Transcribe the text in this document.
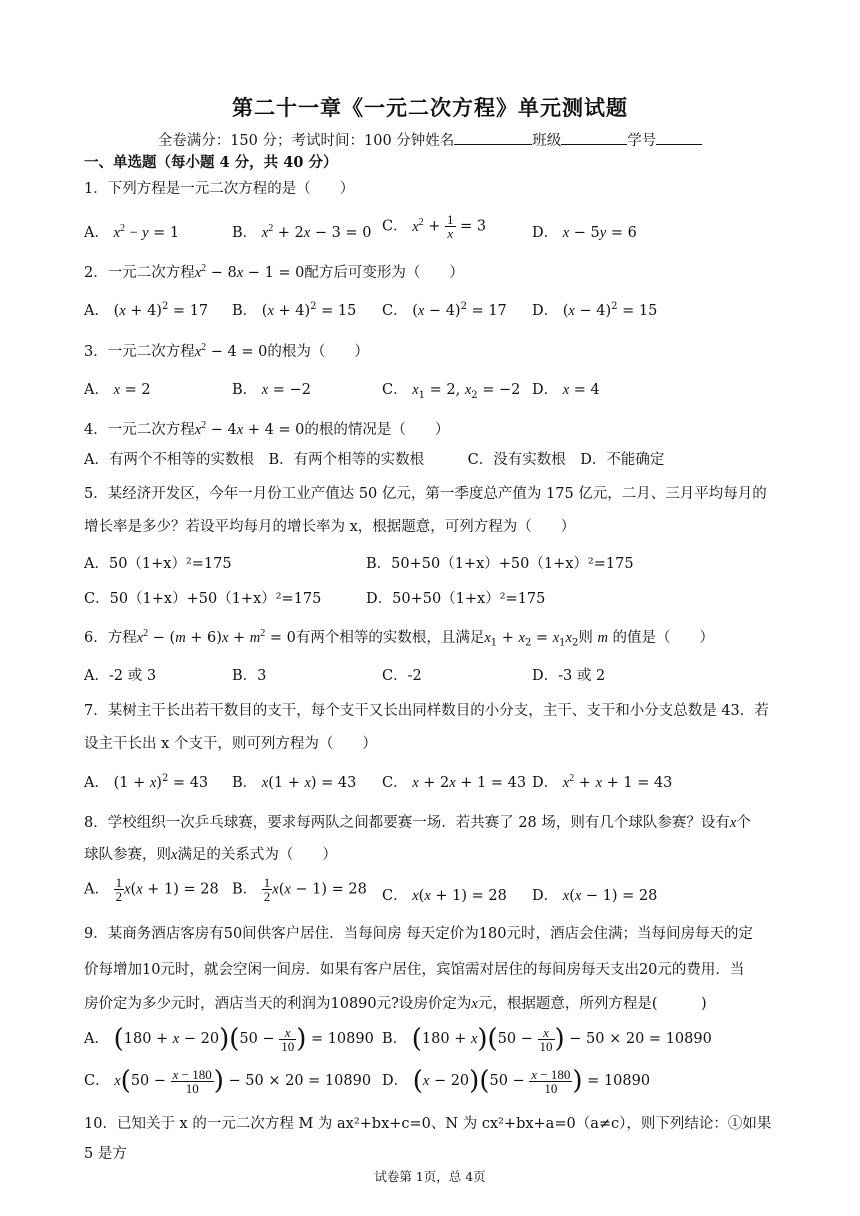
第二十一章《一元二次方程》单元测试题
全卷满分：150 分；考试时间：100 分钟姓名	班级	学号
一、单选题（每小题 4 分，共 40 分）
1．下列方程是一元二次方程的是（　　）
A． $x^2 - y = 1$	B． $x^2 + 2x - 3 = 0$ C． $x^2 + \frac{1}{x} = 3$	D． x − 5y = 6
2．一元二次方程$x^2 - 8x - 1 = 0$配方后可变形为（　　）
A． $(x + 4)^2 = 17$ B． $(x + 4)^2 = 15$ C． $(x - 4)^2 = 17$ D． $(x - 4)^2 = 15$
3．一元二次方程$x^2 - 4 = 0$的根为（　　）
A． x = 2	B． x = −2	C． $x_1 = 2$, $x_2 = -2$ D． x = 4
4．一元二次方程$x^2 - 4x + 4 = 0$的根的情况是（　　）
A．有两个不相等的实数根　B．有两个相等的实数根　　　C．没有实数根　D．不能确定
5．某经济开发区，今年一月份工业产值达 50 亿元，第一季度总产值为 175 亿元，二月、三月平均每月的
增长率是多少？若设平均每月的增长率为 x，根据题意，可列方程为（　　）
A．50（1+x）²=175	B．50+50（1+x）+50（1+x）²=175
C．50（1+x）+50（1+x）²=175	D．50+50（1+x）²=175
6．方程$x^2 - (m + 6)x + m^2 = 0$有两个相等的实数根，且满足$x_1 + x_2 = x_1x_2$则 m 的值是（　　）
A．-2 或 3	B．3	C．-2	D．-3 或 2
7．某树主干长出若干数目的支干，每个支干又长出同样数目的小分支，主干、支干和小分支总数是 43．若
设主干长出 x 个支干，则可列方程为（　　）
A． $(1 + x)^2 = 43$ B． x(1 + x) = 43 C． x + 2x + 1 = 43 D． $x^2 + x + 1 = 43$
8．学校组织一次乒乓球赛，要求每两队之间都要赛一场．若共赛了 28 场，则有几个球队参赛？设有x个
球队参赛，则x满足的关系式为（　　）
A． $\frac{1}{2} x(x + 1) = 28$ B． $\frac{1}{2} x(x - 1) = 28$ C． x(x + 1) = 28 D． x(x − 1) = 28
9．某商务酒店客房有50间供客户居住．当每间房 每天定价为180元时，酒店会住满；当每间房每天的定
价每增加10元时，就会空闲一间房．如果有客户居住，宾馆需对居住的每间房每天支出20元的费用．当
房价定为多少元时，酒店当天的利润为10890元?设房价定为x元，根据题意，所列方程是(　　　)
A． $(180 + x - 20)(50 - \frac{x}{10}$ ) = 10890 B． $(180 + x)(50 - \frac{x}{10}$ ) − 50 × 20 = 10890
C． $x(50 - \frac{x - 180}{10}$ ) − 50 × 20 = 10890 D． $(x - 20)(50 - \frac{x - 180}{10}$ ) = 10890
10．已知关于 x 的一元二次方程 M 为 ax²+bx+c=0、N 为 cx²+bx+a=0（a≠c），则下列结论：①如果 5 是方
试卷第 1页，总 4页
